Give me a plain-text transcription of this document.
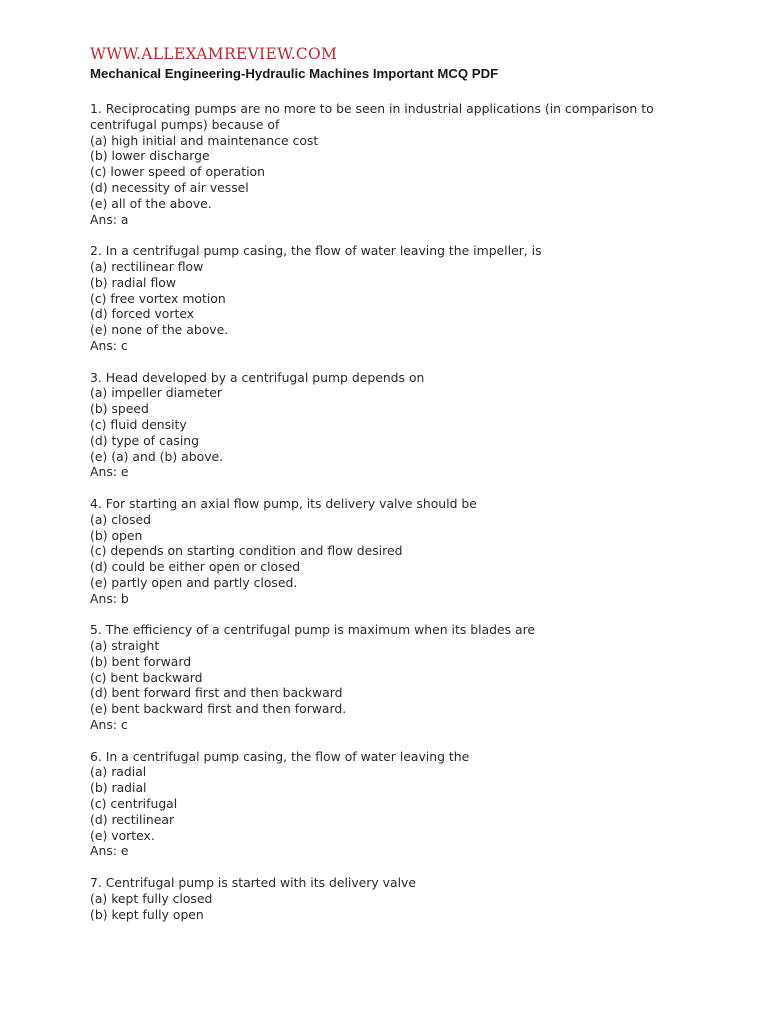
WWW.ALLEXAMREVIEW.COM
Mechanical Engineering-Hydraulic Machines Important MCQ PDF
1. Reciprocating pumps are no more to be seen in industrial applications (in comparison to centrifugal pumps) because of
(a) high initial and maintenance cost
(b) lower discharge
(c) lower speed of operation
(d) necessity of air vessel
(e) all of the above.
Ans: a
2. In a centrifugal pump casing, the flow of water leaving the impeller, is
(a) rectilinear flow
(b) radial flow
(c) free vortex motion
(d) forced vortex
(e) none of the above.
Ans: c
3. Head developed by a centrifugal pump depends on
(a) impeller diameter
(b) speed
(c) fluid density
(d) type of casing
(e) (a) and (b) above.
Ans: e
4. For starting an axial flow pump, its delivery valve should be
(a) closed
(b) open
(c) depends on starting condition and flow desired
(d) could be either open or closed
(e) partly open and partly closed.
Ans: b
5. The efficiency of a centrifugal pump is maximum when its blades are
(a) straight
(b) bent forward
(c) bent backward
(d) bent forward first and then backward
(e) bent backward first and then forward.
Ans: c
6. In a centrifugal pump casing, the flow of water leaving the
(a) radial
(b) radial
(c) centrifugal
(d) rectilinear
(e) vortex.
Ans: e
7. Centrifugal pump is started with its delivery valve
(a) kept fully closed
(b) kept fully open
